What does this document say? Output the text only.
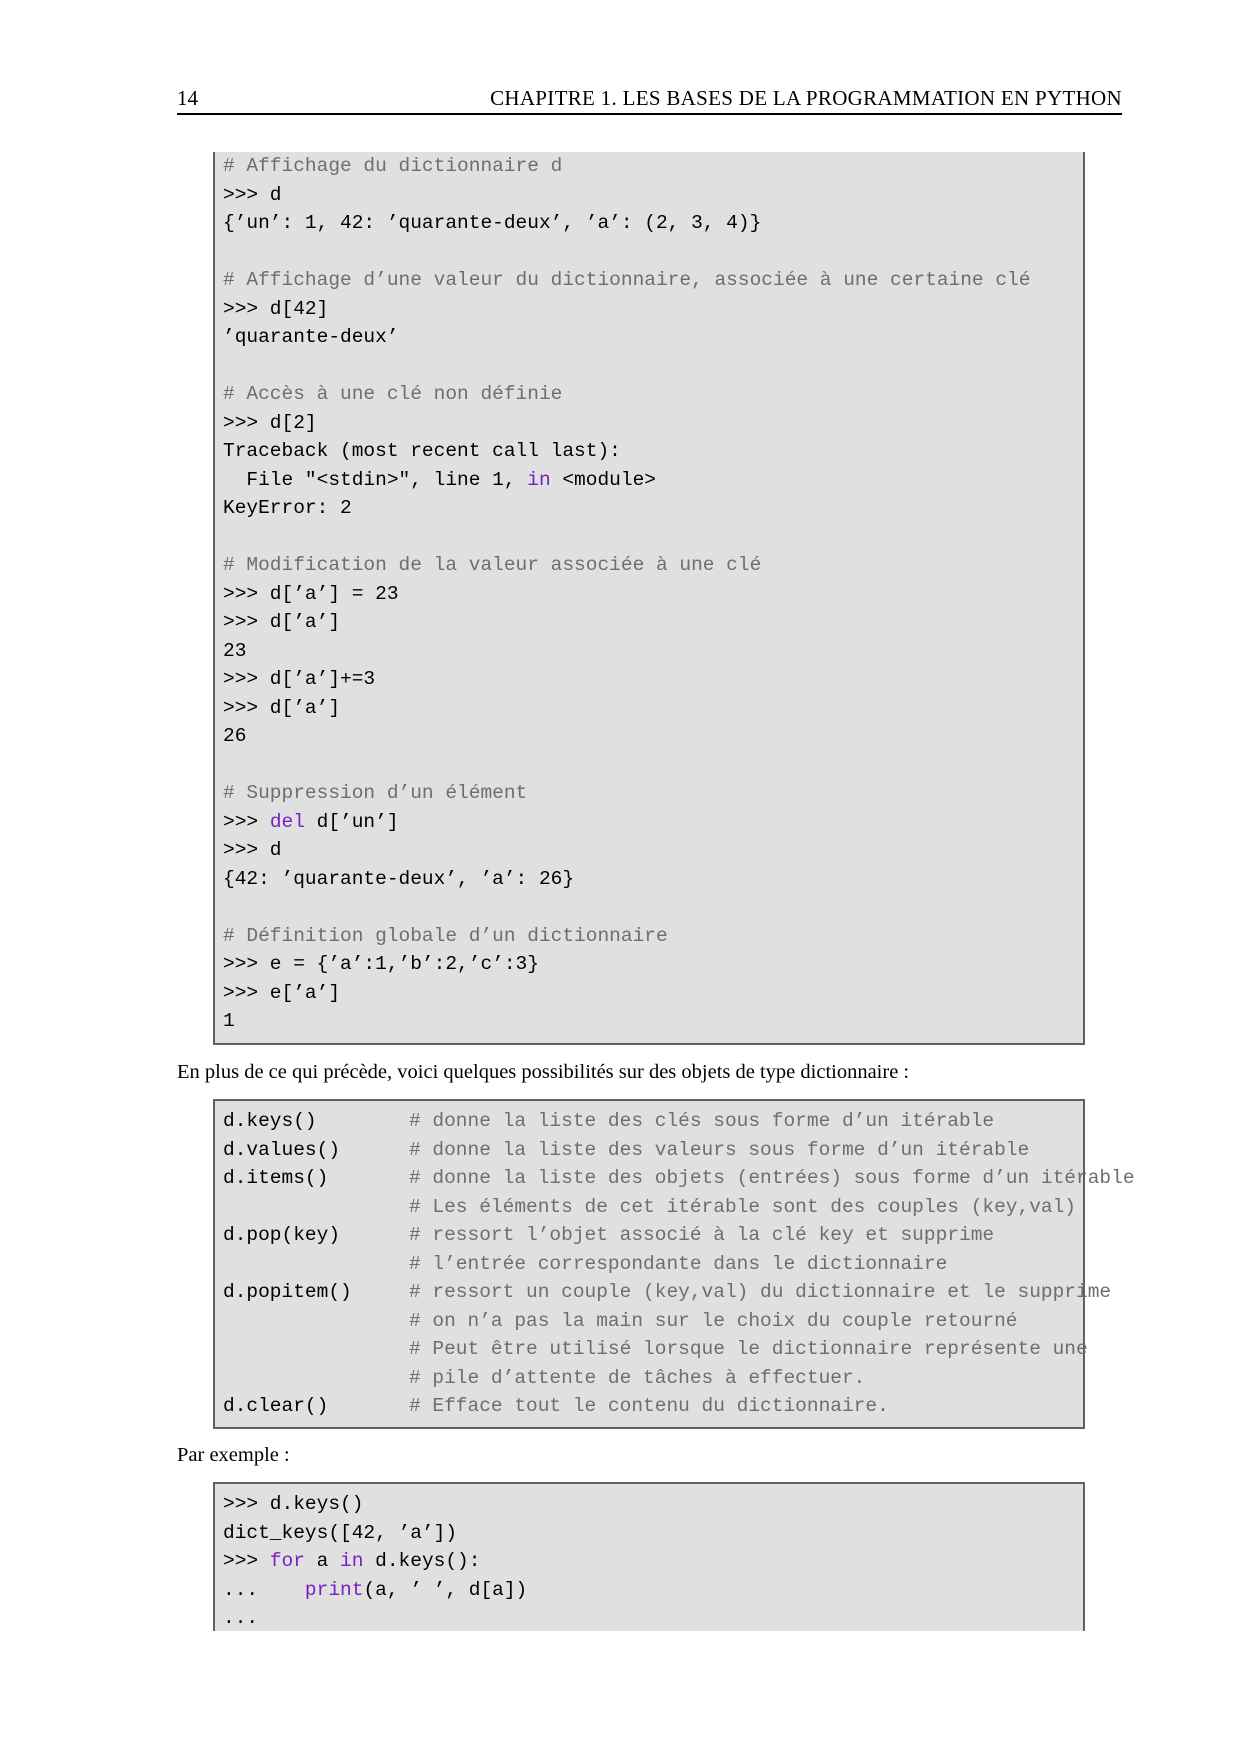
14	CHAPITRE 1. LES BASES DE LA PROGRAMMATION EN PYTHON
# Affichage du dictionnaire d
>>> d
{’un’: 1, 42: ’quarante-deux’, ’a’: (2, 3, 4)}
# Affichage d’une valeur du dictionnaire, associée à une certaine clé
>>> d[42]
’quarante-deux’
# Accès à une clé non définie
>>> d[2]
Traceback (most recent call last):
File "<stdin>", line 1, in <module>
KeyError: 2
# Modification de la valeur associée à une clé
>>> d[’a’] = 23
>>> d[’a’]
23
>>> d[’a’]+=3
>>> d[’a’]
26
# Suppression d’un élément
>>> del d[’un’]
>>> d
{42: ’quarante-deux’, ’a’: 26}
# Définition globale d’un dictionnaire
>>> e = {’a’:1,’b’:2,’c’:3}
>>> e[’a’]
1
En plus de ce qui précède, voici quelques possibilités sur des objets de type dictionnaire :
d.keys()	# donne la liste des clés sous forme d’un itérable
d.values()	# donne la liste des valeurs sous forme d’un itérable
d.items()	# donne la liste des objets (entrées) sous forme d’un itérable
# Les éléments de cet itérable sont des couples (key,val)
d.pop(key)	# ressort l’objet associé à la clé key et supprime
# l’entrée correspondante dans le dictionnaire
d.popitem()	# ressort un couple (key,val) du dictionnaire et le supprime
# on n’a pas la main sur le choix du couple retourné
# Peut être utilisé lorsque le dictionnaire représente une
# pile d’attente de tâches à effectuer.
d.clear()	# Efface tout le contenu du dictionnaire.
Par exemple :
>>> d.keys()
dict_keys([42, ’a’])
>>> for a in d.keys():
...    print(a, ’ ’, d[a])
...
